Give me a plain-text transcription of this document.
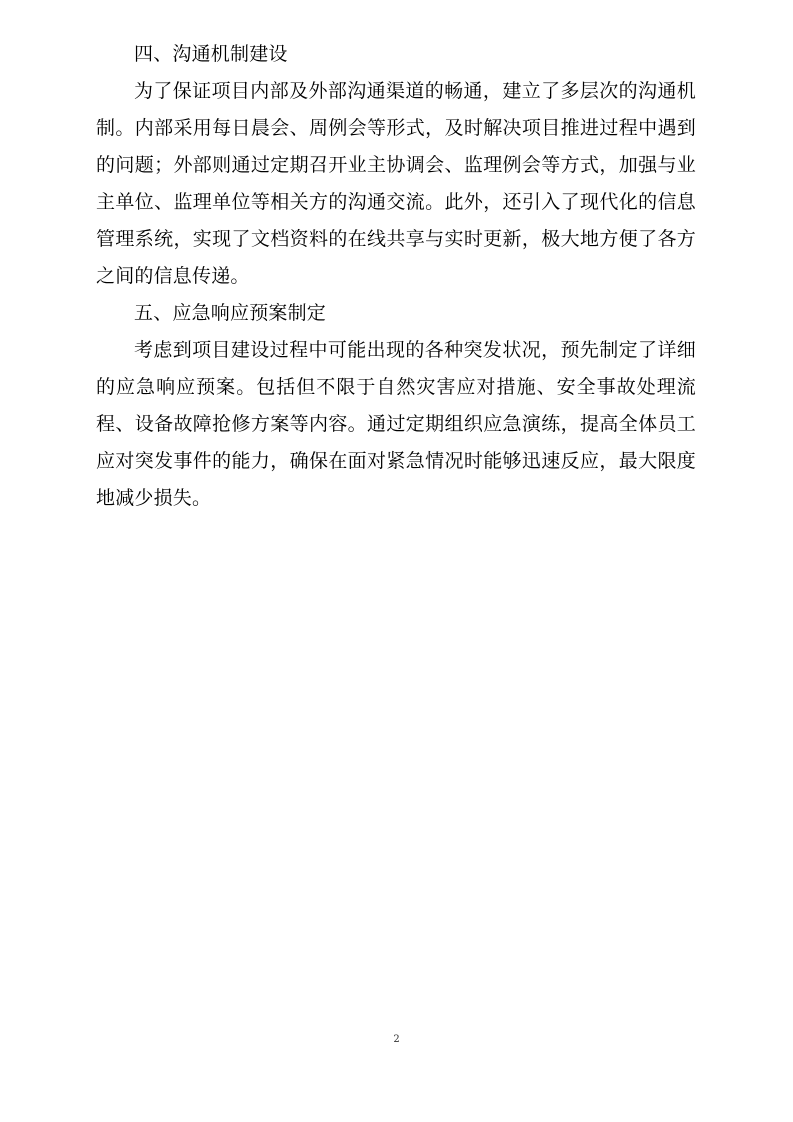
四、沟通机制建设

为了保证项目内部及外部沟通渠道的畅通，建立了多层次的沟通机制。内部采用每日晨会、周例会等形式，及时解决项目推进过程中遇到的问题；外部则通过定期召开业主协调会、监理例会等方式，加强与业主单位、监理单位等相关方的沟通交流。此外，还引入了现代化的信息管理系统，实现了文档资料的在线共享与实时更新，极大地方便了各方之间的信息传递。

五、应急响应预案制定

考虑到项目建设过程中可能出现的各种突发状况，预先制定了详细的应急响应预案。包括但不限于自然灾害应对措施、安全事故处理流程、设备故障抢修方案等内容。通过定期组织应急演练，提高全体员工应对突发事件的能力，确保在面对紧急情况时能够迅速反应，最大限度地减少损失。

2
